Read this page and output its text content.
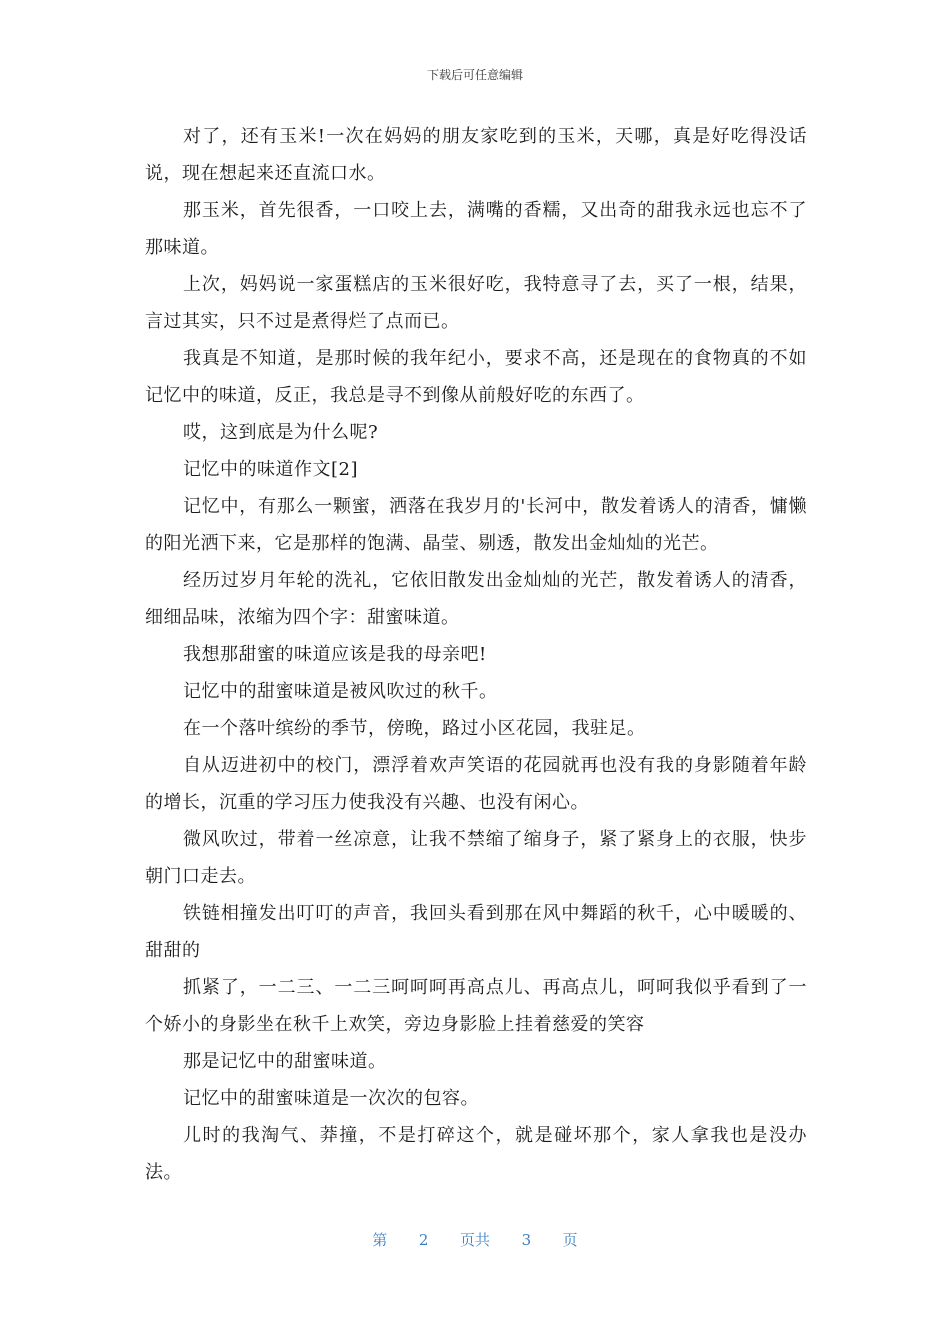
下载后可任意编辑

对了，还有玉米!一次在妈妈的朋友家吃到的玉米，天哪，真是好吃得没话说，现在想起来还直流口水。

那玉米，首先很香，一口咬上去，满嘴的香糯，又出奇的甜我永远也忘不了那味道。

上次，妈妈说一家蛋糕店的玉米很好吃，我特意寻了去，买了一根，结果，言过其实，只不过是煮得烂了点而已。

我真是不知道，是那时候的我年纪小，要求不高，还是现在的食物真的不如记忆中的味道，反正，我总是寻不到像从前般好吃的东西了。

哎，这到底是为什么呢?

记忆中的味道作文[2]

记忆中，有那么一颗蜜，洒落在我岁月的'长河中，散发着诱人的清香，慵懒的阳光洒下来，它是那样的饱满、晶莹、剔透，散发出金灿灿的光芒。

经历过岁月年轮的洗礼，它依旧散发出金灿灿的光芒，散发着诱人的清香，细细品味，浓缩为四个字：甜蜜味道。

我想那甜蜜的味道应该是我的母亲吧!

记忆中的甜蜜味道是被风吹过的秋千。

在一个落叶缤纷的季节，傍晚，路过小区花园，我驻足。

自从迈进初中的校门，漂浮着欢声笑语的花园就再也没有我的身影随着年龄的增长，沉重的学习压力使我没有兴趣、也没有闲心。

微风吹过，带着一丝凉意，让我不禁缩了缩身子，紧了紧身上的衣服，快步朝门口走去。

铁链相撞发出叮叮的声音，我回头看到那在风中舞蹈的秋千，心中暖暖的、甜甜的

抓紧了，一二三、一二三呵呵呵再高点儿、再高点儿，呵呵我似乎看到了一个娇小的身影坐在秋千上欢笑，旁边身影脸上挂着慈爱的笑容

那是记忆中的甜蜜味道。

记忆中的甜蜜味道是一次次的包容。

儿时的我淘气、莽撞，不是打碎这个，就是碰坏那个，家人拿我也是没办法。

第 2 页共 3 页
